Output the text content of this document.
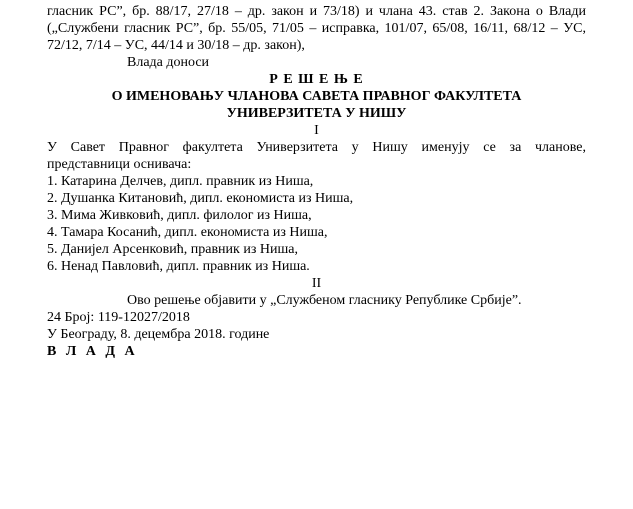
гласник РС”, бр. 88/17, 27/18 – др. закон и 73/18) и члана 43. став 2. Закона о Влади

(„Службени гласник РС”, бр. 55/05, 71/05 – исправка, 101/07, 65/08, 16/11, 68/12 – УС,

72/12, 7/14 – УС, 44/14 и 30/18 – др. закон),

Влада доноси

Р Е Ш Е Њ Е

О ИМЕНОВАЊУ ЧЛАНОВА САВЕТА ПРАВНОГ ФАКУЛТЕТА

УНИВЕРЗИТЕТА У НИШУ

I

У Савет Правног факултета Универзитета у Нишу именују се за чланове,

представници оснивача:

1. Катарина Делчев, дипл. правник из Ниша,

2. Душанка Китановић, дипл. економиста из Ниша,

3. Мима Живковић, дипл. филолог из Ниша,

4. Тамара Косанић, дипл. економиста из Ниша,

5. Данијел Арсенковић, правник из Ниша,

6. Ненад Павловић, дипл. правник из Ниша.

II

Ово решење објавити у „Службеном гласнику Републике Србије”.

24 Број: 119-12027/2018

У Београду, 8. децембра 2018. године

В Л А Д А
